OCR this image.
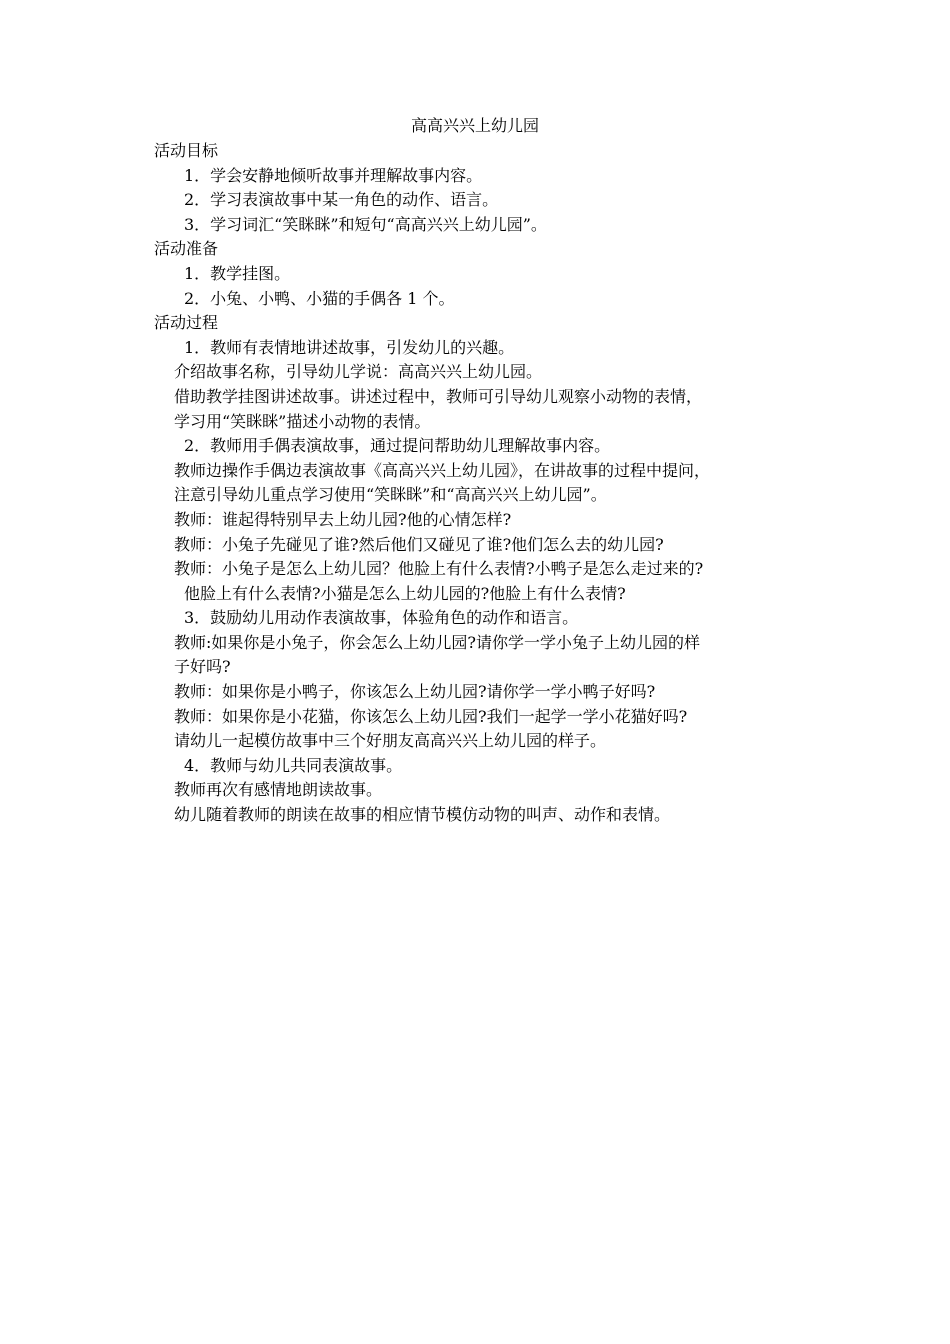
高高兴兴上幼儿园
活动目标
1．学会安静地倾听故事并理解故事内容。
2．学习表演故事中某一角色的动作、语言。
3．学习词汇“笑眯眯”和短句“高高兴兴上幼儿园”。
活动准备
1．教学挂图。
2．小兔、小鸭、小猫的手偶各 1 个。
活动过程
1．教师有表情地讲述故事，引发幼儿的兴趣。
介绍故事名称，引导幼儿学说：高高兴兴上幼儿园。
借助教学挂图讲述故事。讲述过程中，教师可引导幼儿观察小动物的表情，
学习用“笑眯眯”描述小动物的表情。
2．教师用手偶表演故事，通过提问帮助幼儿理解故事内容。
教师边操作手偶边表演故事《高高兴兴上幼儿园》，在讲故事的过程中提问，
注意引导幼儿重点学习使用“笑眯眯”和“高高兴兴上幼儿园”。
教师：谁起得特别早去上幼儿园?他的心情怎样?
教师：小兔子先碰见了谁?然后他们又碰见了谁?他们怎么去的幼儿园?
教师：小兔子是怎么上幼儿园？他脸上有什么表情?小鸭子是怎么走过来的?
他脸上有什么表情?小猫是怎么上幼儿园的?他脸上有什么表情?
3．鼓励幼儿用动作表演故事，体验角色的动作和语言。
教师:如果你是小兔子，你会怎么上幼儿园?请你学一学小兔子上幼儿园的样
子好吗?
教师：如果你是小鸭子，你该怎么上幼儿园?请你学一学小鸭子好吗?
教师：如果你是小花猫，你该怎么上幼儿园?我们一起学一学小花猫好吗?
请幼儿一起模仿故事中三个好朋友高高兴兴上幼儿园的样子。
4．教师与幼儿共同表演故事。
教师再次有感情地朗读故事。
幼儿随着教师的朗读在故事的相应情节模仿动物的叫声、动作和表情。
